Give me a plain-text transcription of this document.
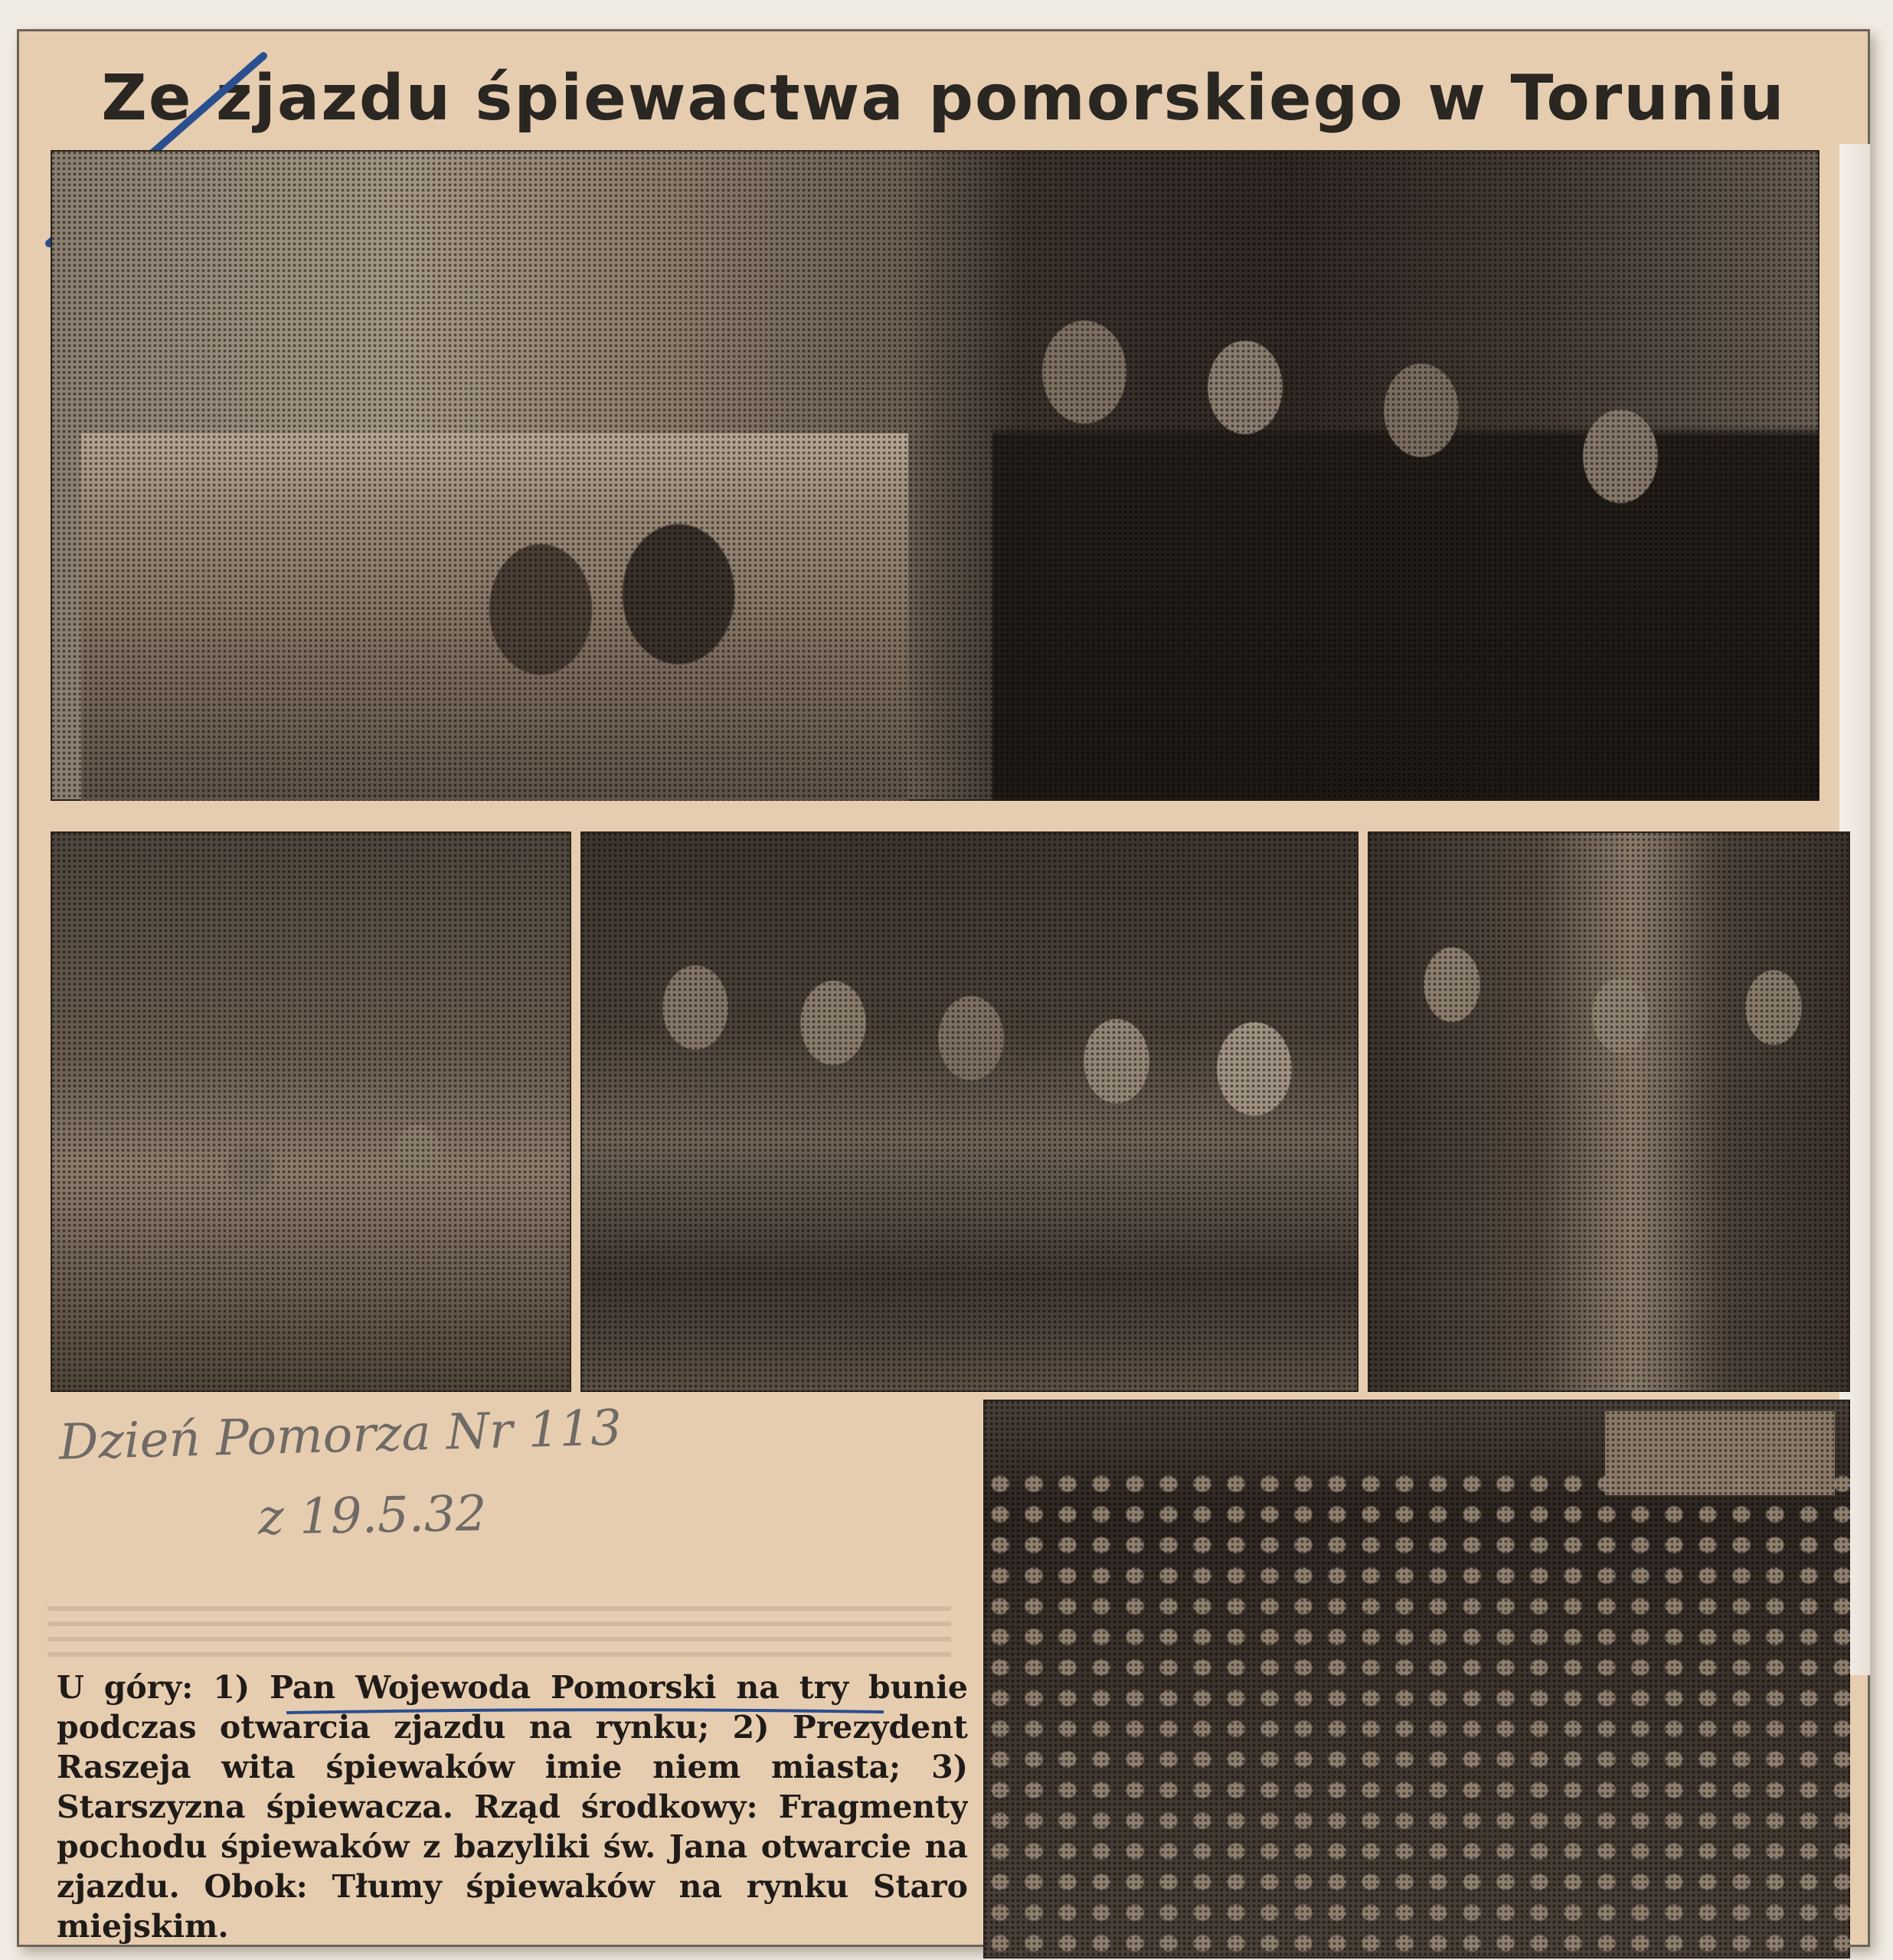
Ze zjazdu śpiewactwa pomorskiego w Toruniu
Dzień Pomorza Nr 113
z 19.5.32
U góry: 1) Pan Wojewoda Pomorski na try bunie podczas otwarcia zjazdu na rynku; 2) Prezydent Raszeja wita śpiewaków imie niem miasta; 3) Starszyzna śpiewacza. Rząd środkowy: Fragmenty pochodu śpiewaków z bazyliki św. Jana otwarcie na zjazdu. Obok: Tłumy śpiewaków na rynku Staro miejskim.
